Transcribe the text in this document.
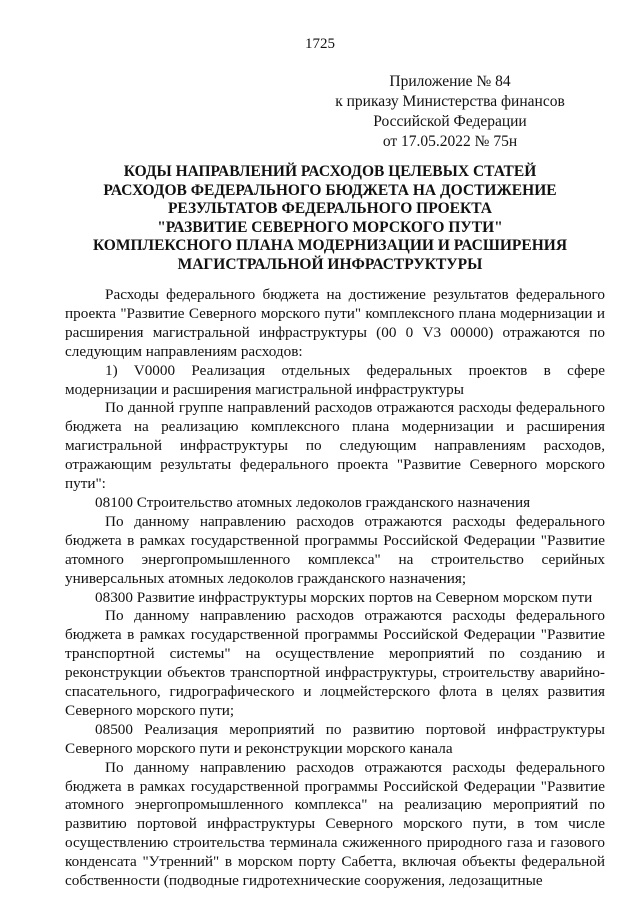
1725
Приложение № 84
к приказу Министерства финансов
Российской Федерации
от 17.05.2022 № 75н
КОДЫ НАПРАВЛЕНИЙ РАСХОДОВ ЦЕЛЕВЫХ СТАТЕЙ
РАСХОДОВ ФЕДЕРАЛЬНОГО БЮДЖЕТА НА ДОСТИЖЕНИЕ
РЕЗУЛЬТАТОВ ФЕДЕРАЛЬНОГО ПРОЕКТА
"РАЗВИТИЕ СЕВЕРНОГО МОРСКОГО ПУТИ"
КОМПЛЕКСНОГО ПЛАНА МОДЕРНИЗАЦИИ И РАСШИРЕНИЯ
МАГИСТРАЛЬНОЙ ИНФРАСТРУКТУРЫ

Расходы федерального бюджета на достижение результатов федерального проекта "Развитие Северного морского пути" комплексного плана модернизации и расширения магистральной инфраструктуры (00 0 V3 00000) отражаются по следующим направлениям расходов:

1) V0000 Реализация отдельных федеральных проектов в сфере модернизации и расширения магистральной инфраструктуры

По данной группе направлений расходов отражаются расходы федерального бюджета на реализацию комплексного плана модернизации и расширения магистральной инфраструктуры по следующим направлениям расходов, отражающим результаты федерального проекта "Развитие Северного морского пути":

08100 Строительство атомных ледоколов гражданского назначения

По данному направлению расходов отражаются расходы федерального бюджета в рамках государственной программы Российской Федерации "Развитие атомного энергопромышленного комплекса" на строительство серийных универсальных атомных ледоколов гражданского назначения;

08300 Развитие инфраструктуры морских портов на Северном морском пути

По данному направлению расходов отражаются расходы федерального бюджета в рамках государственной программы Российской Федерации "Развитие транспортной системы" на осуществление мероприятий по созданию и реконструкции объектов транспортной инфраструктуры, строительству аварийно-спасательного, гидрографического и лоцмейстерского флота в целях развития Северного морского пути;

08500 Реализация мероприятий по развитию портовой инфраструктуры Северного морского пути и реконструкции морского канала

По данному направлению расходов отражаются расходы федерального бюджета в рамках государственной программы Российской Федерации "Развитие атомного энергопромышленного комплекса" на реализацию мероприятий по развитию портовой инфраструктуры Северного морского пути, в том числе осуществлению строительства терминала сжиженного природного газа и газового конденсата "Утренний" в морском порту Сабетта, включая объекты федеральной собственности (подводные гидротехнические сооружения, ледозащитные
